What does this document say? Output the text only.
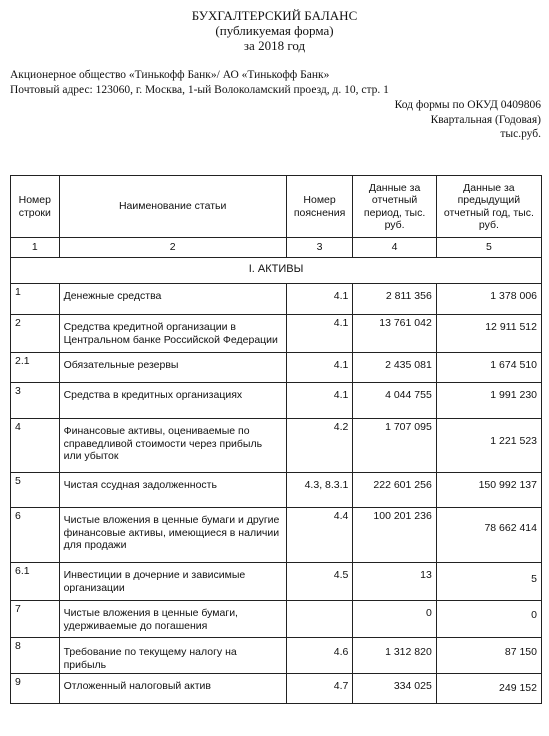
БУХГАЛТЕРСКИЙ БАЛАНС
(публикуемая форма)
за 2018 год
Акционерное общество «Тинькофф Банк»/ АО «Тинькофф Банк»
Почтовый адрес: 123060, г. Москва, 1-ый Волоколамский проезд, д. 10, стр. 1
Код формы по ОКУД 0409806
Квартальная (Годовая)
тыс.руб.
Номер строки	Наименование статьи	Номер пояснения	Данные за отчетный период, тыс. руб.	Данные за предыдущий отчетный год, тыс. руб.
1	2	3	4	5
I. АКТИВЫ				
1	Денежные средства	4.1	2 811 356	1 378 006
2	Средства кредитной организации в Центральном банке Российской Федерации	4.1	13 761 042	12 911 512
2.1	Обязательные резервы	4.1	2 435 081	1 674 510
3	Средства в кредитных организациях	4.1	4 044 755	1 991 230
4	Финансовые активы, оцениваемые по справедливой стоимости через прибыль или убыток	4.2	1 707 095	1 221 523
5	Чистая ссудная задолженность	4.3, 8.3.1	222 601 256	150 992 137
6	Чистые вложения в ценные бумаги и другие финансовые активы, имеющиеся в наличии для продажи	4.4	100 201 236	78 662 414
6.1	Инвестиции в дочерние и зависимые организации	4.5	13	5
7	Чистые вложения в ценные бумаги, удерживаемые до погашения		0	0
8	Требование по текущему налогу на прибыль	4.6	1 312 820	87 150
9	Отложенный налоговый актив	4.7	334 025	249 152
